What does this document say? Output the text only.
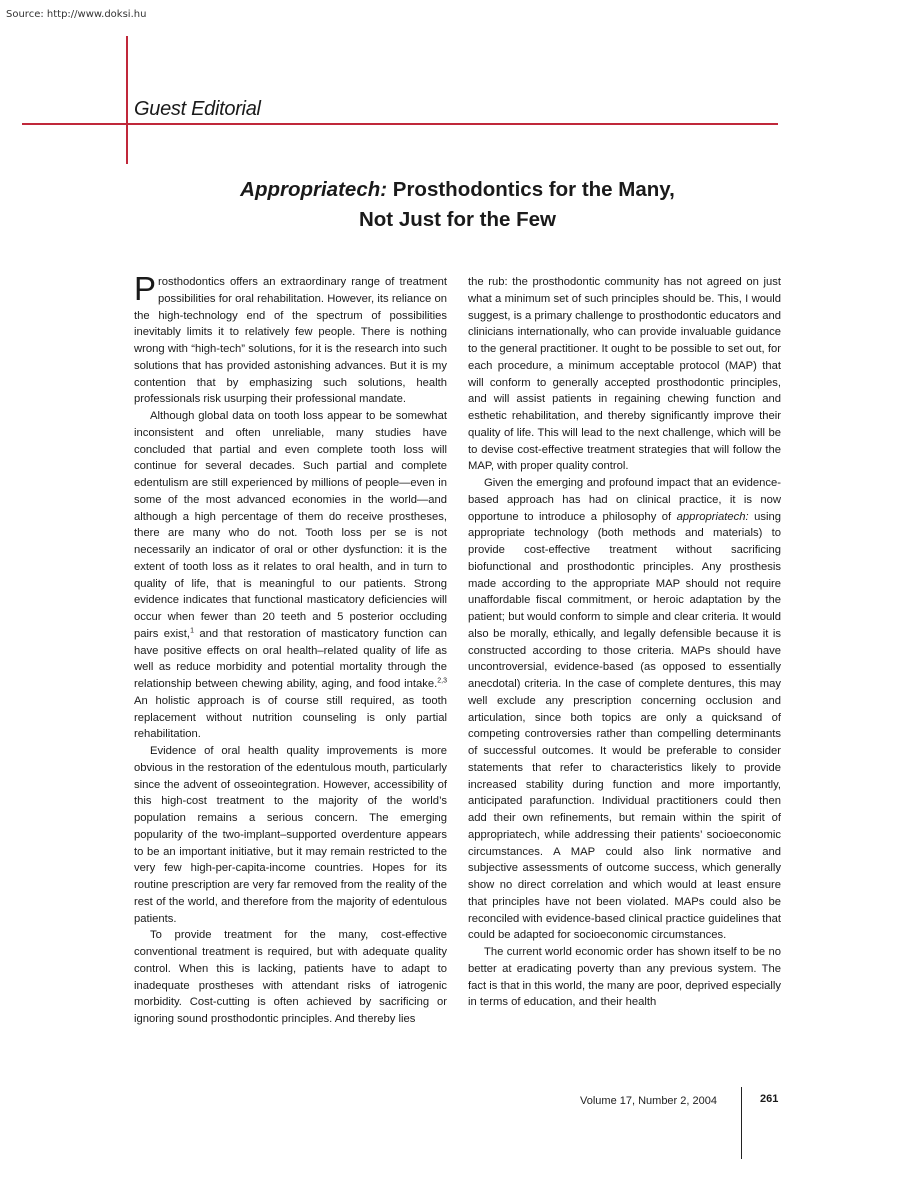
Source: http://www.doksi.hu
Guest Editorial
Appropriatech: Prosthodontics for the Many,
Not Just for the Few

Prosthodontics offers an extraordinary range of treatment possibilities for oral rehabilitation. However, its reliance on the high-technology end of the spectrum of possibilities inevitably limits it to relatively few people. There is nothing wrong with “high-tech” solutions, for it is the research into such solutions that has provided astonishing advances. But it is my contention that by emphasizing such solutions, health professionals risk usurping their professional mandate.

Although global data on tooth loss appear to be somewhat inconsistent and often unreliable, many studies have concluded that partial and even complete tooth loss will continue for several decades. Such partial and complete edentulism are still experienced by millions of people—even in some of the most advanced economies in the world—and although a high percentage of them do receive prostheses, there are many who do not. Tooth loss per se is not necessarily an indicator of oral or other dysfunction: it is the extent of tooth loss as it relates to oral health, and in turn to quality of life, that is meaningful to our patients. Strong evidence indicates that functional masticatory deficiencies will occur when fewer than 20 teeth and 5 posterior occluding pairs exist,$^1$ and that restoration of masticatory function can have positive effects on oral health–related quality of life as well as reduce morbidity and potential mortality through the relationship between chewing ability, aging, and food intake.$^{2,3}$ An holistic approach is of course still required, as tooth replacement without nutrition counseling is only partial rehabilitation.

Evidence of oral health quality improvements is more obvious in the restoration of the edentulous mouth, particularly since the advent of osseointegration. However, accessibility of this high-cost treatment to the majority of the world’s population remains a serious concern. The emerging popularity of the two-implant–supported overdenture appears to be an important initiative, but it may remain restricted to the very few high-per-capita-income countries. Hopes for its routine prescription are very far removed from the reality of the rest of the world, and therefore from the majority of edentulous patients.

To provide treatment for the many, cost-effective conventional treatment is required, but with adequate quality control. When this is lacking, patients have to adapt to inadequate prostheses with attendant risks of iatrogenic morbidity. Cost-cutting is often achieved by sacrificing or ignoring sound prosthodontic principles. And thereby lies

the rub: the prosthodontic community has not agreed on just what a minimum set of such principles should be. This, I would suggest, is a primary challenge to prosthodontic educators and clinicians internationally, who can provide invaluable guidance to the general practitioner. It ought to be possible to set out, for each procedure, a minimum acceptable protocol (MAP) that will conform to generally accepted prosthodontic principles, and will assist patients in regaining chewing function and esthetic rehabilitation, and thereby significantly improve their quality of life. This will lead to the next challenge, which will be to devise cost-effective treatment strategies that will follow the MAP, with proper quality control.

Given the emerging and profound impact that an evidence-based approach has had on clinical practice, it is now opportune to introduce a philosophy of appropriatech: using appropriate technology (both methods and materials) to provide cost-effective treatment without sacrificing biofunctional and prosthodontic principles. Any prosthesis made according to the appropriate MAP should not require unaffordable fiscal commitment, or heroic adaptation by the patient; but would conform to simple and clear criteria. It would also be morally, ethically, and legally defensible because it is constructed according to those criteria. MAPs should have uncontroversial, evidence-based (as opposed to essentially anecdotal) criteria. In the case of complete dentures, this may well exclude any prescription concerning occlusion and articulation, since both topics are only a quicksand of competing controversies rather than compelling determinants of successful outcomes. It would be preferable to consider statements that refer to characteristics likely to provide increased stability during function and more importantly, anticipated parafunction. Individual practitioners could then add their own refinements, but remain within the spirit of appropriatech, while addressing their patients’ socioeconomic circumstances. A MAP could also link normative and subjective assessments of outcome success, which generally show no direct correlation and which would at least ensure that principles have not been violated. MAPs could also be reconciled with evidence-based clinical practice guidelines that could be adapted for socioeconomic circumstances.

The current world economic order has shown itself to be no better at eradicating poverty than any previous system. The fact is that in this world, the many are poor, deprived especially in terms of education, and their health

Volume 17, Number 2, 2004	261
